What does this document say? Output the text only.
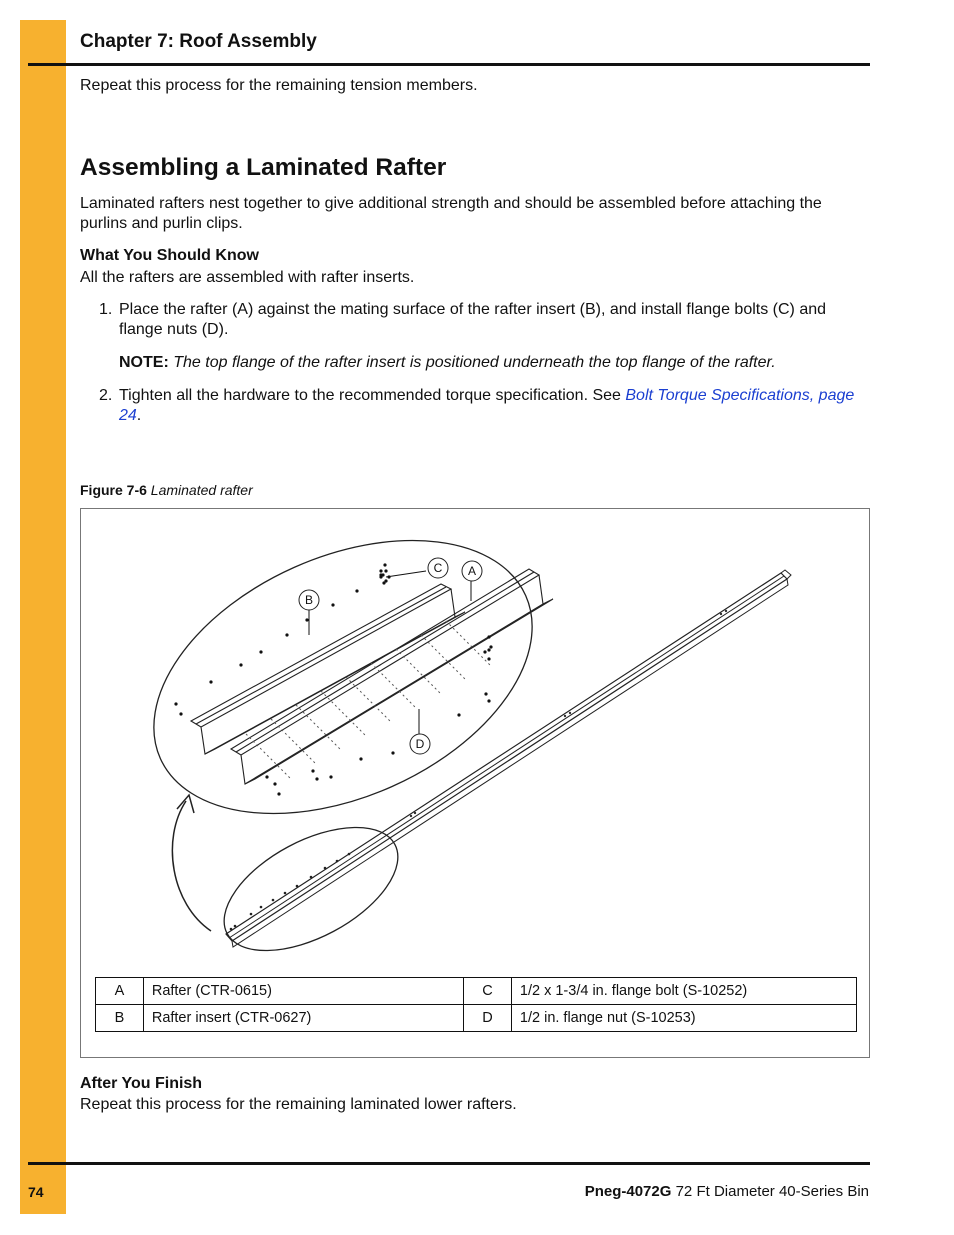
Chapter 7: Roof Assembly

Repeat this process for the remaining tension members.

Assembling a Laminated Rafter

Laminated rafters nest together to give additional strength and should be assembled before attaching the purlins and purlin clips.

What You Should Know

All the rafters are assembled with rafter inserts.

1. Place the rafter (A) against the mating surface of the rafter insert (B), and install flange bolts (C) and flange nuts (D).
NOTE: The top flange of the rafter insert is positioned underneath the top flange of the rafter.
2. Tighten all the hardware to the recommended torque specification. See Bolt Torque Specifications, page 24.
Figure 7-6 Laminated rafter
B
C A
D
A	Rafter (CTR-0615)	C	1/2 x 1-3/4 in. flange bolt (S-10252)
B	Rafter insert (CTR-0627)	D	1/2 in. flange nut (S-10253)
After You Finish

Repeat this process for the remaining laminated lower rafters.

74	Pneg-4072G 72 Ft Diameter 40-Series Bin
